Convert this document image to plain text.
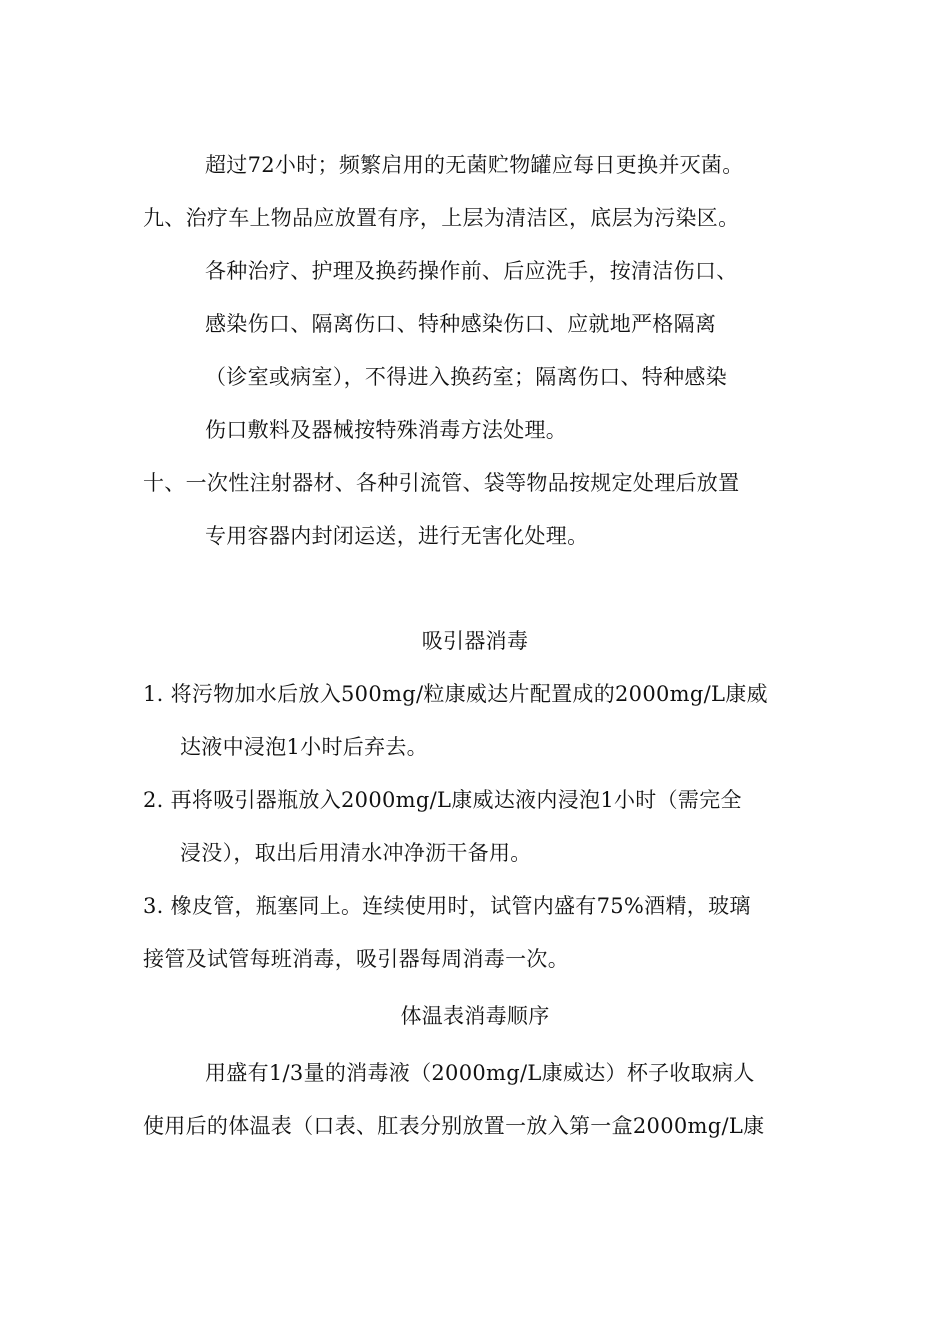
超过72小时；频繁启用的无菌贮物罐应每日更换并灭菌。
九、治疗车上物品应放置有序，上层为清洁区，底层为污染区。
各种治疗、护理及换药操作前、后应洗手，按清洁伤口、
感染伤口、隔离伤口、特种感染伤口、应就地严格隔离
（诊室或病室），不得进入换药室；隔离伤口、特种感染
伤口敷料及器械按特殊消毒方法处理。
十、一次性注射器材、各种引流管、袋等物品按规定处理后放置
专用容器内封闭运送，进行无害化处理。
吸引器消毒
1. 将污物加水后放入500mg/粒康威达片配置成的2000mg/L康威
达液中浸泡1小时后弃去。
2. 再将吸引器瓶放入2000mg/L康威达液内浸泡1小时（需完全
浸没），取出后用清水冲净沥干备用。
3. 橡皮管，瓶塞同上。连续使用时，试管内盛有75%酒精，玻璃
接管及试管每班消毒，吸引器每周消毒一次。
体温表消毒顺序
用盛有1/3量的消毒液（2000mg/L康威达）杯子收取病人
使用后的体温表（口表、肛表分别放置一放入第一盒2000mg/L康
